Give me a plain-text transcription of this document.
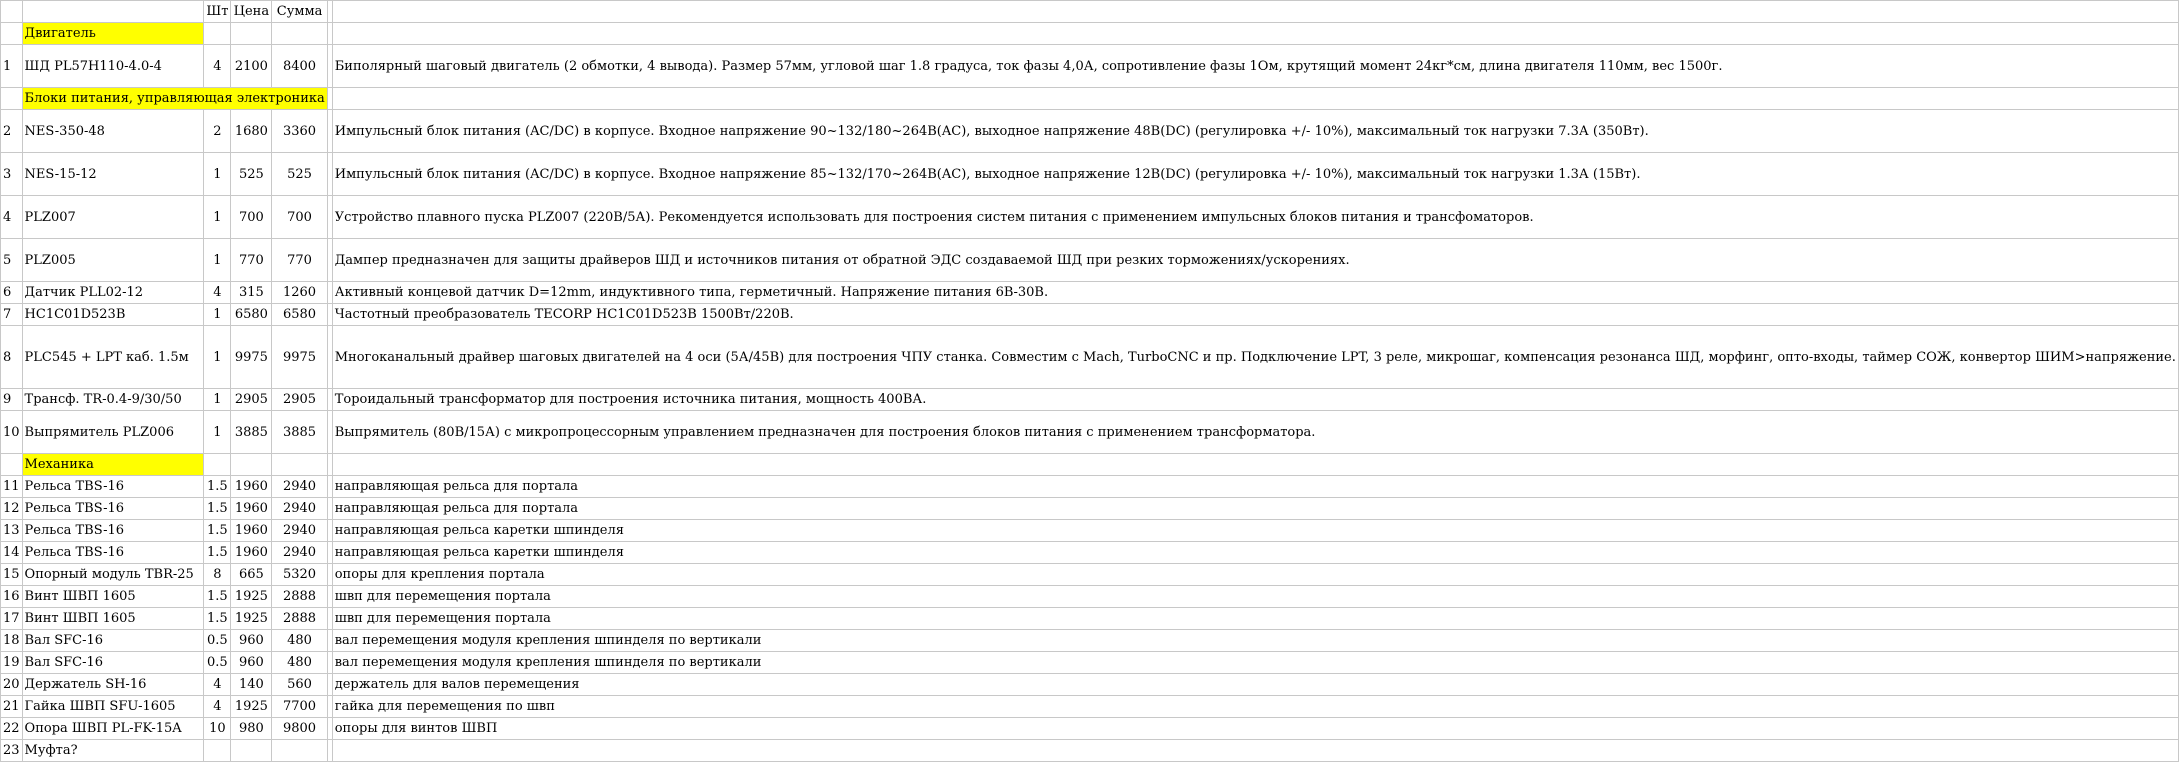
		Шт	Цена	Сумма		
	Двигатель					
1	ШД PL57H110-4.0-4	4	2100	8400		Биполярный шаговый двигатель (2 обмотки, 4 вывода). Размер 57мм, угловой шаг 1.8 градуса, ток фазы 4,0А, сопротивление фазы 1Ом, крутящий момент 24кг*см, длина двигателя 110мм, вес 1500г.
	Блоки питания, управляющая электроника					
2	NES-350-48	2	1680	3360		Импульсный блок питания (AC/DC) в корпусе. Входное напряжение 90~132/180~264В(AC), выходное напряжение 48В(DC) (регулировка +/- 10%), максимальный ток нагрузки 7.3А (350Вт).
3	NES-15-12	1	525	525		Импульсный блок питания (AC/DC) в корпусе. Входное напряжение 85~132/170~264В(AC), выходное напряжение 12В(DC) (регулировка +/- 10%), максимальный ток нагрузки 1.3А (15Вт).
4	PLZ007	1	700	700		Устройство плавного пуска PLZ007 (220В/5А). Рекомендуется использовать для построения систем питания с применением импульсных блоков питания и трансфоматоров.
5	PLZ005	1	770	770		Дампер предназначен для защиты драйверов ШД и источников питания от обратной ЭДС создаваемой ШД при резких торможениях/ускорениях.
6	Датчик PLL02-12	4	315	1260		Активный концевой датчик D=12mm, индуктивного типа, герметичный. Напряжение питания 6В-30В.
7	HC1C01D523B	1	6580	6580		Частотный преобразователь TECORP HC1C01D523B 1500Вт/220В.
8	PLC545 + LPT каб. 1.5м	1	9975	9975		Многоканальный драйвер шаговых двигателей на 4 оси (5А/45В) для построения ЧПУ станка. Совместим с Mach, TurboCNC и пр. Подключение LPT, 3 реле, микрошаг, компенсация резонанса ШД, морфинг, опто-входы, таймер СОЖ, конвертор ШИМ>напряжение.
9	Трансф. TR-0.4-9/30/50	1	2905	2905		Тороидальный трансформатор для построения источника питания, мощность 400ВА.
10	Выпрямитель PLZ006	1	3885	3885		Выпрямитель (80В/15А) с микропроцессорным управлением предназначен для построения блоков питания с применением трансформатора.
	Механика					
11	Рельса TBS-16	1.5	1960	2940		направляющая рельса для портала
12	Рельса TBS-16	1.5	1960	2940		направляющая рельса для портала
13	Рельса TBS-16	1.5	1960	2940		направляющая рельса каретки шпинделя
14	Рельса TBS-16	1.5	1960	2940		направляющая рельса каретки шпинделя
15	Опорный модуль TBR-25	8	665	5320		опоры для крепления портала
16	Винт ШВП 1605	1.5	1925	2888		швп для перемещения портала
17	Винт ШВП 1605	1.5	1925	2888		швп для перемещения портала
18	Вал SFC-16	0.5	960	480		вал перемещения модуля крепления шпинделя по вертикали
19	Вал SFC-16	0.5	960	480		вал перемещения модуля крепления шпинделя по вертикали
20	Держатель SH-16	4	140	560		держатель для валов перемещения
21	Гайка ШВП SFU-1605	4	1925	7700		гайка для перемещения по швп
22	Опора ШВП PL-FK-15A	10	980	9800		опоры для винтов ШВП
23	Муфта?					
